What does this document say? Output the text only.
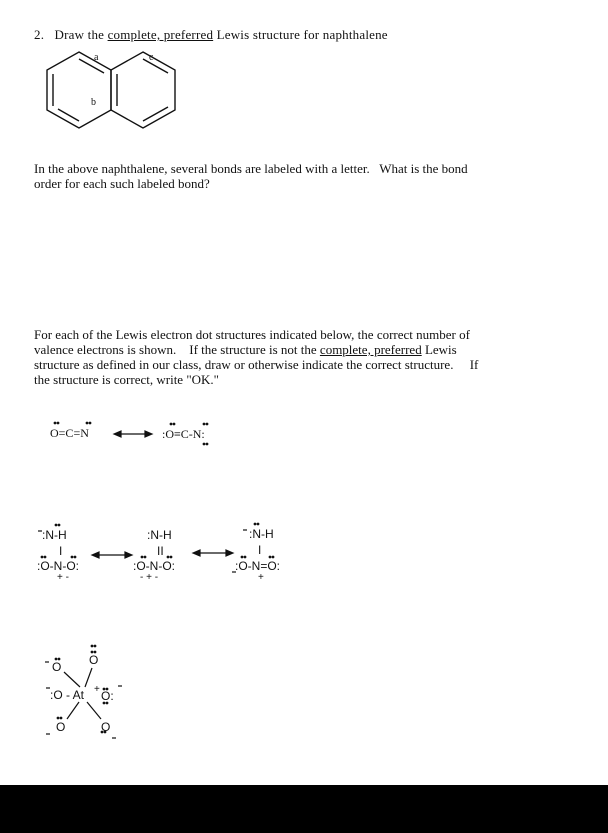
2. Draw the complete, preferred Lewis structure for naphthalene
a
b
c
In the above naphthalene, several bonds are labeled with a letter. What is the bond
order for each such labeled bond?
For each of the Lewis electron dot structures indicated below, the correct number of
valence electrons is shown. If the structure is not the complete, preferred Lewis
structure as defined in our class, draw or otherwise indicate the correct structure. If
the structure is correct, write "OK."
O=C=N	:O≡C-N:
:N-H
I
:O-N-O:
+ -
:N-H
II
:O-N-O:
- + -
:N-H
I
:O-N=O:
+
O O
:O - At + O:
O	O
